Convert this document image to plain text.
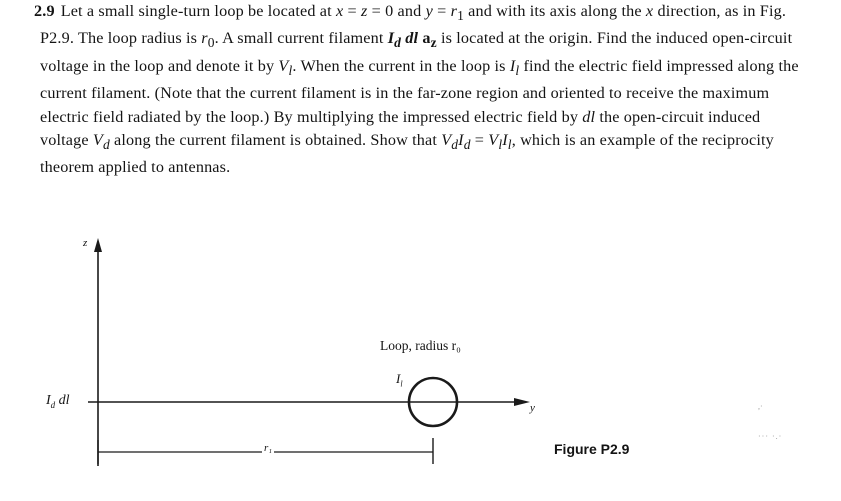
2.9 Let a small single-turn loop be located at x = z = 0 and $y = r_1$ and with its axis along the x direction, as in Fig. P2.9. The loop radius is $r_0$. A small current filament $I_d$ dl $a_z$ is located at the origin. Find the induced open-circuit voltage in the loop and denote it by $V_l$. When the current in the loop is $I_l$ find the electric field impressed along the current filament. (Note that the current filament is in the far-zone region and oriented to receive the maximum electric field radiated by the loop.) By multiplying the impressed electric field by dl the open-circuit induced voltage $V_d$ along the current filament is obtained. Show that $V_dI_d = V_lI_l$, which is an example of the reciprocity theorem applied to antennas.
z
y
$I_d$ dl
Loop, radius r₀
$I_l$
r₁	Figure P2.9
,·
··· ·.·
